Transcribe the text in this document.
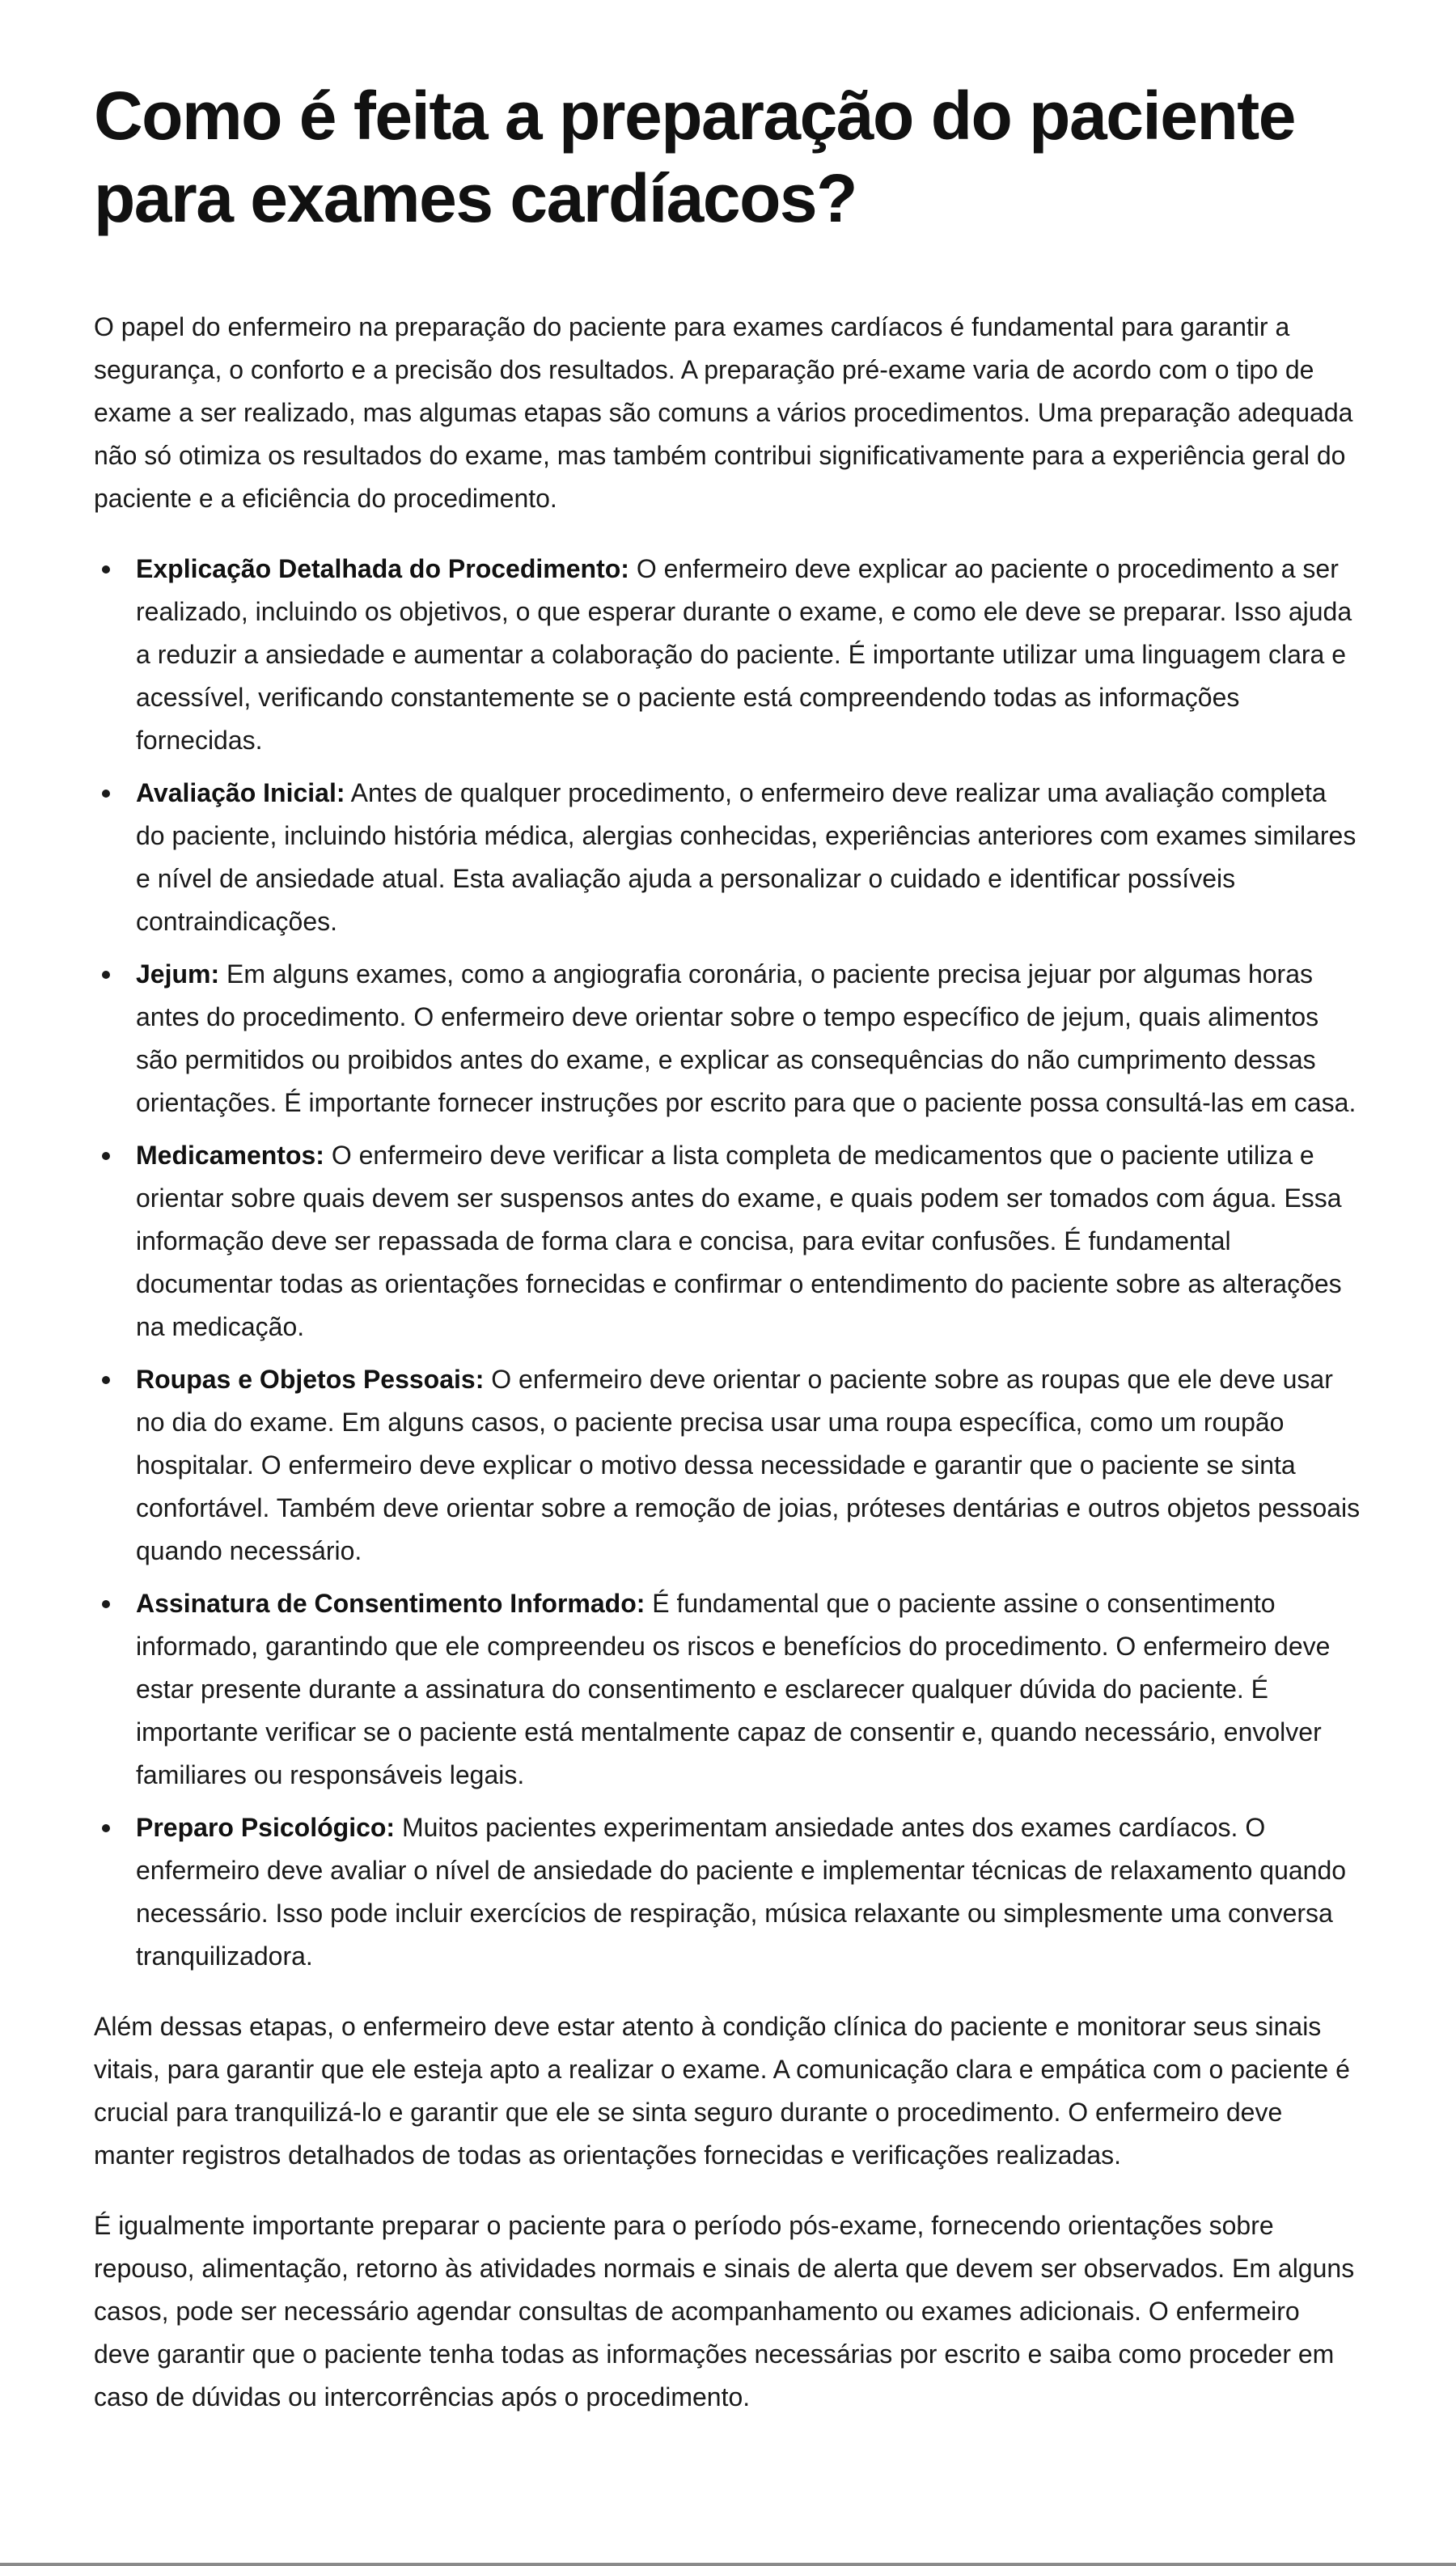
Como é feita a preparação do paciente para exames cardíacos?

O papel do enfermeiro na preparação do paciente para exames cardíacos é fundamental para garantir a segurança, o conforto e a precisão dos resultados. A preparação pré-exame varia de acordo com o tipo de exame a ser realizado, mas algumas etapas são comuns a vários procedimentos. Uma preparação adequada não só otimiza os resultados do exame, mas também contribui significativamente para a experiência geral do paciente e a eficiência do procedimento.

Explicação Detalhada do Procedimento: O enfermeiro deve explicar ao paciente o procedimento a ser realizado, incluindo os objetivos, o que esperar durante o exame, e como ele deve se preparar. Isso ajuda a reduzir a ansiedade e aumentar a colaboração do paciente. É importante utilizar uma linguagem clara e acessível, verificando constantemente se o paciente está compreendendo todas as informações fornecidas.
Avaliação Inicial: Antes de qualquer procedimento, o enfermeiro deve realizar uma avaliação completa do paciente, incluindo história médica, alergias conhecidas, experiências anteriores com exames similares e nível de ansiedade atual. Esta avaliação ajuda a personalizar o cuidado e identificar possíveis contraindicações.
Jejum: Em alguns exames, como a angiografia coronária, o paciente precisa jejuar por algumas horas antes do procedimento. O enfermeiro deve orientar sobre o tempo específico de jejum, quais alimentos são permitidos ou proibidos antes do exame, e explicar as consequências do não cumprimento dessas orientações. É importante fornecer instruções por escrito para que o paciente possa consultá-las em casa.
Medicamentos: O enfermeiro deve verificar a lista completa de medicamentos que o paciente utiliza e orientar sobre quais devem ser suspensos antes do exame, e quais podem ser tomados com água. Essa informação deve ser repassada de forma clara e concisa, para evitar confusões. É fundamental documentar todas as orientações fornecidas e confirmar o entendimento do paciente sobre as alterações na medicação.
Roupas e Objetos Pessoais: O enfermeiro deve orientar o paciente sobre as roupas que ele deve usar no dia do exame. Em alguns casos, o paciente precisa usar uma roupa específica, como um roupão hospitalar. O enfermeiro deve explicar o motivo dessa necessidade e garantir que o paciente se sinta confortável. Também deve orientar sobre a remoção de joias, próteses dentárias e outros objetos pessoais quando necessário.
Assinatura de Consentimento Informado: É fundamental que o paciente assine o consentimento informado, garantindo que ele compreendeu os riscos e benefícios do procedimento. O enfermeiro deve estar presente durante a assinatura do consentimento e esclarecer qualquer dúvida do paciente. É importante verificar se o paciente está mentalmente capaz de consentir e, quando necessário, envolver familiares ou responsáveis legais.
Preparo Psicológico: Muitos pacientes experimentam ansiedade antes dos exames cardíacos. O enfermeiro deve avaliar o nível de ansiedade do paciente e implementar técnicas de relaxamento quando necessário. Isso pode incluir exercícios de respiração, música relaxante ou simplesmente uma conversa tranquilizadora.

Além dessas etapas, o enfermeiro deve estar atento à condição clínica do paciente e monitorar seus sinais vitais, para garantir que ele esteja apto a realizar o exame. A comunicação clara e empática com o paciente é crucial para tranquilizá-lo e garantir que ele se sinta seguro durante o procedimento. O enfermeiro deve manter registros detalhados de todas as orientações fornecidas e verificações realizadas.

É igualmente importante preparar o paciente para o período pós-exame, fornecendo orientações sobre repouso, alimentação, retorno às atividades normais e sinais de alerta que devem ser observados. Em alguns casos, pode ser necessário agendar consultas de acompanhamento ou exames adicionais. O enfermeiro deve garantir que o paciente tenha todas as informações necessárias por escrito e saiba como proceder em caso de dúvidas ou intercorrências após o procedimento.
